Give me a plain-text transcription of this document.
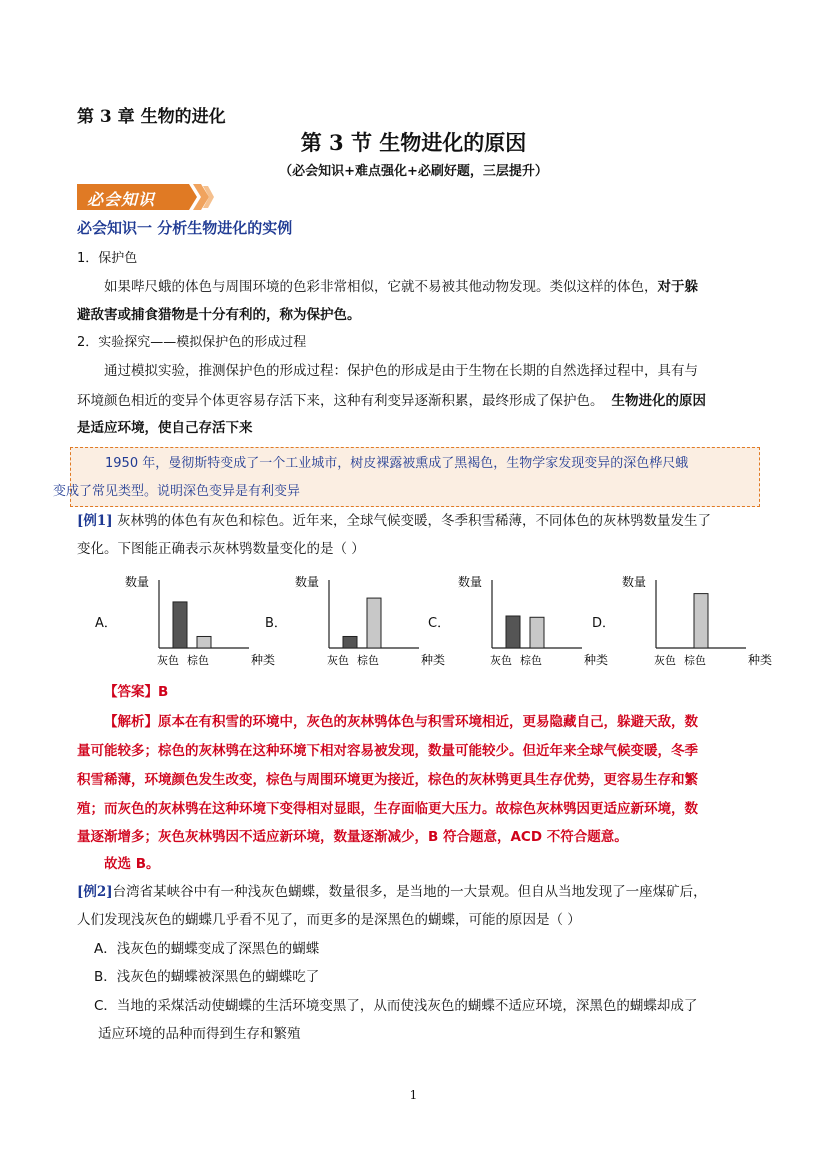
第 3 章 生物的进化
第 3 节 生物进化的原因
（必会知识+难点强化+必刷好题，三层提升）
必会知识
必会知识一 分析生物进化的实例
1．保护色
如果哔尺蛾的体色与周围环境的色彩非常相似，它就不易被其他动物发现。类似这样的体色，对于躲
避敌害或捕食猎物是十分有利的，称为保护色。
2．实验探究——模拟保护色的形成过程
通过模拟实验，推测保护色的形成过程：保护色的形成是由于生物在长期的自然选择过程中，具有与
环境颜色相近的变异个体更容易存活下来，这种有利变异逐渐积累，最终形成了保护色。 生物进化的原因
是适应环境，使自己存活下来
1950 年，曼彻斯特变成了一个工业城市，树皮裸露被熏成了黑褐色，生物学家发现变异的深色桦尺蛾
变成了常见类型。说明深色变异是有利变异
[例1] 灰林鸮的体色有灰色和棕色。近年来，全球气候变暖，冬季积雪稀薄，不同体色的灰林鸮数量发生了
变化。下图能正确表示灰林鸮数量变化的是（ ）
A．
数量
种类
灰色 棕色
B．
数量
种类
灰色 棕色
C．
数量
种类
灰色 棕色
D．
数量
种类
灰色 棕色
【答案】B
【解析】原本在有积雪的环境中，灰色的灰林鸮体色与积雪环境相近，更易隐藏自己，躲避天敌，数
量可能较多；棕色的灰林鸮在这种环境下相对容易被发现，数量可能较少。但近年来全球气候变暖，冬季
积雪稀薄，环境颜色发生改变，棕色与周围环境更为接近，棕色的灰林鸮更具生存优势，更容易生存和繁
殖；而灰色的灰林鸮在这种环境下变得相对显眼，生存面临更大压力。故棕色灰林鸮因更适应新环境，数
量逐渐增多；灰色灰林鸮因不适应新环境，数量逐渐减少，B 符合题意，ACD 不符合题意。
故选 B。
[例2]台湾省某峡谷中有一种浅灰色蝴蝶，数量很多，是当地的一大景观。但自从当地发现了一座煤矿后，
人们发现浅灰色的蝴蝶几乎看不见了，而更多的是深黑色的蝴蝶，可能的原因是（ ）
A．浅灰色的蝴蝶变成了深黑色的蝴蝶
B．浅灰色的蝴蝶被深黑色的蝴蝶吃了
C．当地的采煤活动使蝴蝶的生活环境变黑了，从而使浅灰色的蝴蝶不适应环境，深黑色的蝴蝶却成了
适应环境的品种而得到生存和繁殖
1
